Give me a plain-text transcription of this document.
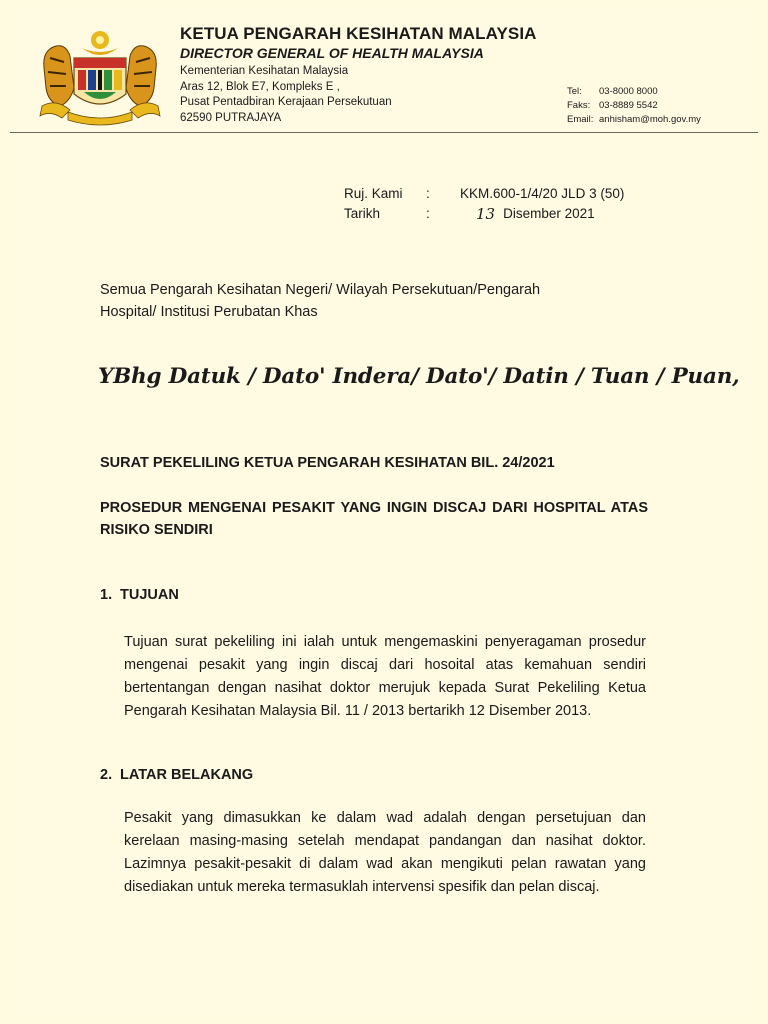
KETUA PENGARAH KESIHATAN MALAYSIA
DIRECTOR GENERAL OF HEALTH MALAYSIA
Kementerian Kesihatan Malaysia
Aras 12, Blok E7, Kompleks E ,
Pusat Pentadbiran Kerajaan Persekutuan
62590 PUTRAJAYA
Tel: 03-8000 8000
Faks: 03-8889 5542
Email: anhisham@moh.gov.my
Ruj. Kami	:	KKM.600-1/4/20 JLD 3 (50)
Tarikh	:	13 Disember 2021
Semua Pengarah Kesihatan Negeri/ Wilayah Persekutuan/Pengarah
Hospital/ Institusi Perubatan Khas
YBhg Datuk / Dato' Indera/ Dato'/ Datin / Tuan / Puan,
SURAT PEKELILING KETUA PENGARAH KESIHATAN BIL. 24/2021
PROSEDUR MENGENAI PESAKIT YANG INGIN DISCAJ DARI HOSPITAL ATAS RISIKO SENDIRI
1. TUJUAN
Tujuan surat pekeliling ini ialah untuk mengemaskini penyeragaman prosedur mengenai pesakit yang ingin discaj dari hosoital atas kemahuan sendiri bertentangan dengan nasihat doktor merujuk kepada Surat Pekeliling Ketua Pengarah Kesihatan Malaysia Bil. 11 / 2013 bertarikh 12 Disember 2013.
2. LATAR BELAKANG
Pesakit yang dimasukkan ke dalam wad adalah dengan persetujuan dan kerelaan masing-masing setelah mendapat pandangan dan nasihat doktor. Lazimnya pesakit-pesakit di dalam wad akan mengikuti pelan rawatan yang disediakan untuk mereka termasuklah intervensi spesifik dan pelan discaj.
